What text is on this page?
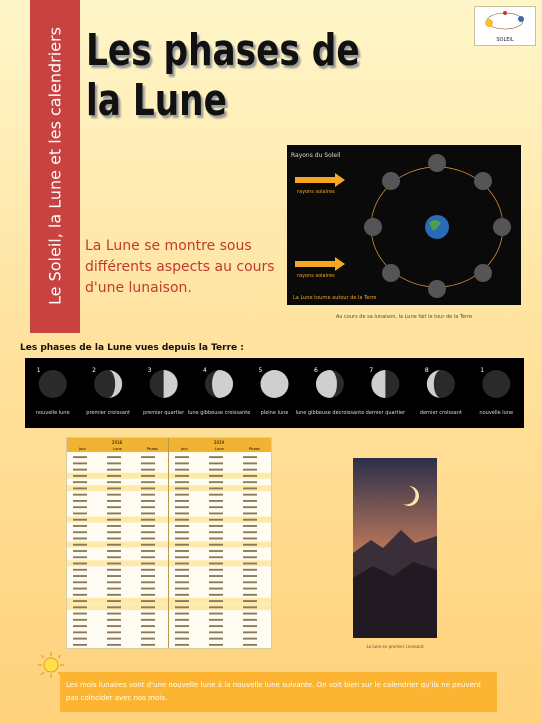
Le Soleil, la Lune et les calendriers Les phases de
la Lune
SOLEIL
La Lune se montre sous différents aspects au cours d'une lunaison.
Rayons du Soleil
rayons solaires
rayons solaires
La Lune tourne autour de la Terre
Au cours de sa lunaison, la Lune fait le tour de la Terre
Les phases de la Lune vues depuis la Terre :
1
nouvelle lune
2
premier croissant
3
premier quartier
4
lune gibbeuse croissante
5
pleine lune
6
lune gibbeuse décroissante
7
dernier quartier
8
dernier croissant
1
nouvelle lune
2018	2019
Jour	Lune	Phase	Jour	Lune	Phase
La lune en premier croissant
Les mois lunaires vont d'une nouvelle lune à la nouvelle lune suivante. On voit bien sur le calendrier qu'ils ne peuvent pas coïncider avec nos mois.
